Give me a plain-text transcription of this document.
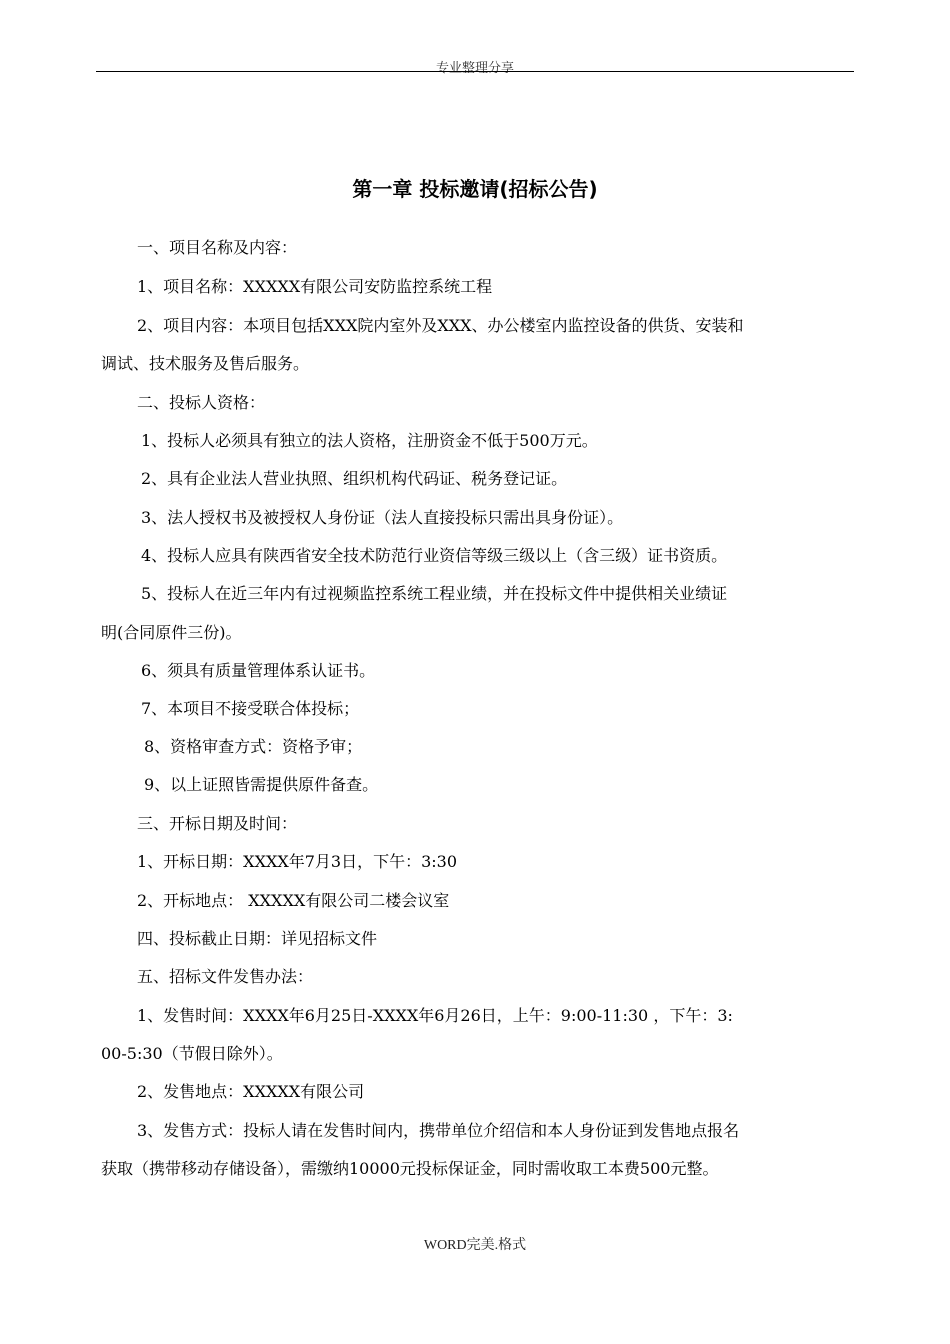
专业整理分享
第一章 投标邀请(招标公告)
一、项目名称及内容：
1、项目名称：XXXXX有限公司安防监控系统工程
2、项目内容：本项目包括XXX院内室外及XXX、办公楼室内监控设备的供货、安装和
调试、技术服务及售后服务。
二、投标人资格：
1、投标人必须具有独立的法人资格，注册资金不低于500万元。
2、具有企业法人营业执照、组织机构代码证、税务登记证。
3、法人授权书及被授权人身份证（法人直接投标只需出具身份证）。
4、投标人应具有陕西省安全技术防范行业资信等级三级以上（含三级）证书资质。
5、投标人在近三年内有过视频监控系统工程业绩，并在投标文件中提供相关业绩证
明(合同原件三份)。
6、须具有质量管理体系认证书。
7、本项目不接受联合体投标；
8、资格审查方式：资格予审；
9、以上证照皆需提供原件备查。
三、开标日期及时间：
1、开标日期：XXXX年7月3日，下午：3:30
2、开标地点： XXXXX有限公司二楼会议室
四、投标截止日期：详见招标文件
五、招标文件发售办法：
1、发售时间：XXXX年6月25日-XXXX年6月26日，上午：9:00-11:30 ，下午：3:
00-5:30（节假日除外）。
2、发售地点：XXXXX有限公司
3、发售方式：投标人请在发售时间内，携带单位介绍信和本人身份证到发售地点报名
获取（携带移动存储设备），需缴纳10000元投标保证金，同时需收取工本费500元整。
WORD完美.格式
